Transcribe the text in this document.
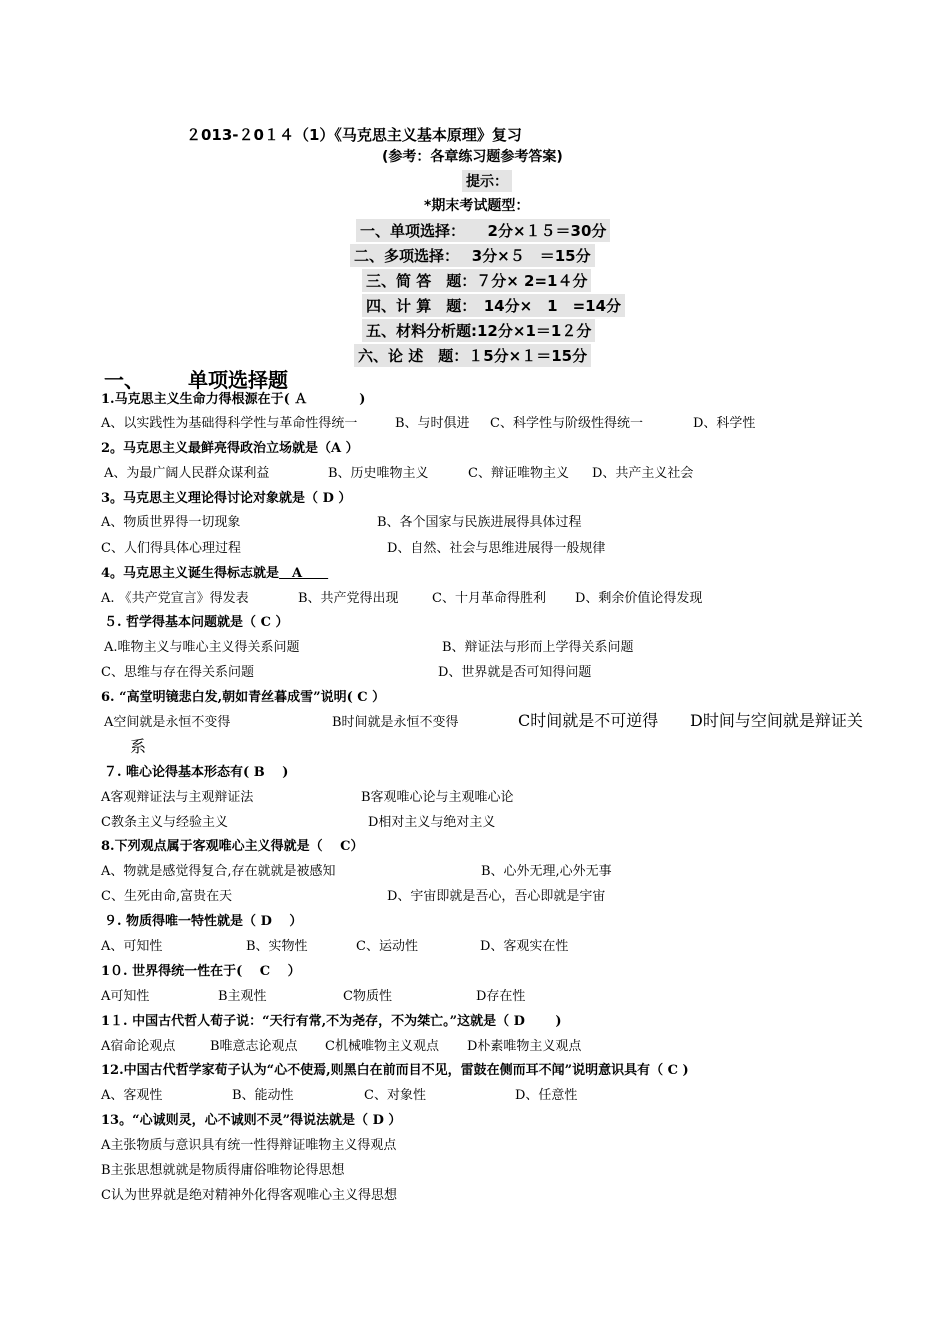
２013-２0１４（1）《马克思主义基本原理》复习
(参考：各章练习题参考答案)
提示：
*期末考试题型：
一、单项选择：　　2分×１５＝30分
二、多项选择：　 3分×５　＝15分
三、简 答　题：７分× 2=1４分
四、计 算　题：　14分×　1　=14分
五、材料分析题:12分×1＝1２分
六、论 述　题：１5分×１＝15分
一、 单项选择题
1.马克思主义生命力得根源在于( Ａ　　　　)
A、以实践性为基础得科学性与革命性得统一	B、与时俱进 C、科学性与阶级性得统一	D、科学性
2。马克思主义最鲜亮得政治立场就是（A ）
A、为最广阔人民群众谋利益	B、历史唯物主义	C、辩证唯物主义 D、共产主义社会
3。马克思主义理论得讨论对象就是（ D ）
A、物质世界得一切现象	B、各个国家与民族进展得具体过程
C、人们得具体心理过程	D、自然、社会与思维进展得一般规律
4。马克思主义诞生得标志就是　A　　
A. 《共产党宣言》得发表	B、共产党得出现	C、十月革命得胜利 D、剩余价值论得发现
５. 哲学得基本问题就是（ C ）
A.唯物主义与唯心主义得关系问题	B、辩证法与形而上学得关系问题
C、思维与存在得关系问题	D、世界就是否可知得问题
6. “高堂明镜悲白发,朝如青丝暮成雪”说明( C ）
A空间就是永恒不变得	B时间就是永恒不变得	C时间就是不可逆得 D时间与空间就是辩证关
系
７. 唯心论得基本形态有( B　 )
A客观辩证法与主观辩证法	B客观唯心论与主观唯心论
C教条主义与经验主义	D相对主义与绝对主义
8.下列观点属于客观唯心主义得就是（　 C）
A、物就是感觉得复合,存在就就是被感知	B、心外无理,心外无事
C、生死由命,富贵在天	D、宇宙即就是吾心，吾心即就是宇宙
９. 物质得唯一特性就是（ D　 ）
A、可知性	B、实物性	C、运动性	D、客观实在性
1０. 世界得统一性在于(　 C　 ）
A可知性	B主观性	C物质性	D存在性
1１. 中国古代哲人荀子说：“天行有常,不为尧存，不为桀亡。”这就是（ D　　 )
A宿命论观点	B唯意志论观点 C机械唯物主义观点 D朴素唯物主义观点
12.中国古代哲学家荀子认为“心不使焉,则黑白在前而目不见，雷鼓在侧而耳不闻”说明意识具有（ C )
A、客观性	B、能动性	C、对象性	D、任意性
13。“心诚则灵，心不诚则不灵”得说法就是（ D ）
A主张物质与意识具有统一性得辩证唯物主义得观点
B主张思想就就是物质得庸俗唯物论得思想
C认为世界就是绝对精神外化得客观唯心主义得思想
